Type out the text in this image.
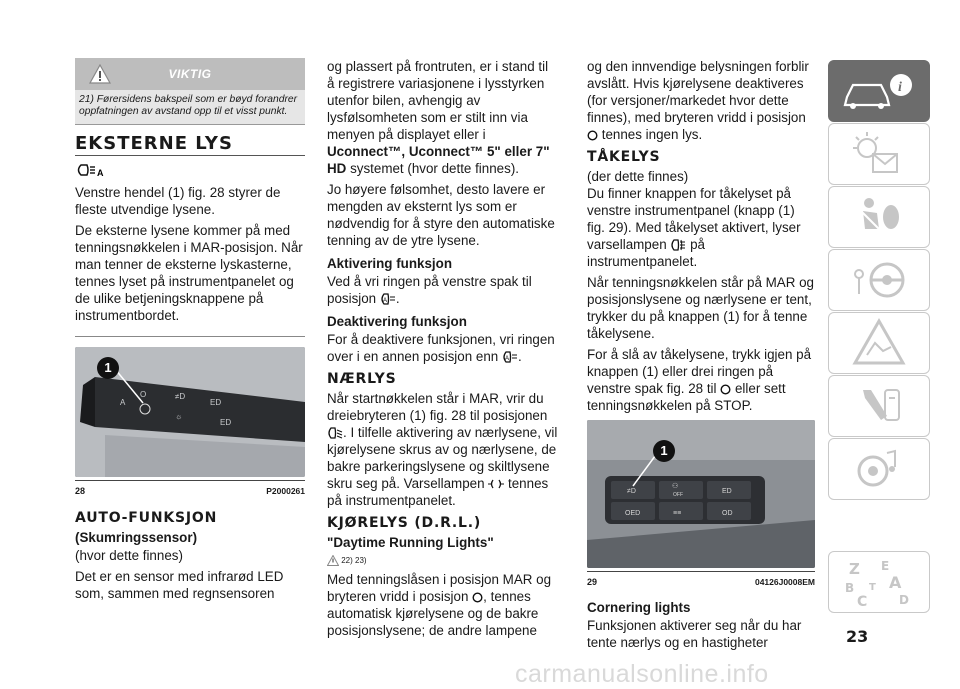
VIKTIG
21) Førersidens bakspeil som er bøyd forandrer oppfatningen av avstand opp til et visst punkt.
EKSTERNE LYS
A

Venstre hendel (1) fig. 28 styrer de fleste utvendige lysene.

De eksterne lysene kommer på med tenningsnøkkelen i MAR-posisjon. Når man tenner de eksterne lyskasterne, tennes lyset på instrumentpanelet og de ulike betjeningsknappene på instrumentbordet.

A
O	≠D
ED
☼
ED
1
28	P2000261
AUTO-FUNKSJON
(Skumringssensor)

(hvor dette finnes)

Det er en sensor med infrarød LED som, sammen med regnsensoren

og plassert på frontruten, er i stand til å registrere variasjonene i lysstyrken utenfor bilen, avhengig av lysfølsomheten som er stilt inn via menyen på displayet eller i
Uconnect™, Uconnect™ 5" eller 7" HD systemet (hvor dette finnes).

Jo høyere følsomhet, desto lavere er mengden av eksternt lys som er nødvendig for å styre den automatiske tenning av de ytre lysene.

Aktivering funksjon

Ved å vri ringen på venstre spak til posisjon A .

Deaktivering funksjon

For å deaktivere funksjonen, vri ringen over i en annen posisjon enn A .

NÆRLYS

Når startnøkkelen står i MAR, vrir du dreiebryteren (1) fig. 28 til posisjonen
. I tilfelle aktivering av nærlysene, vil kjørelysene skrus av og nærlysene, de bakre parkeringslysene og skiltlysene skru seg på. Varsellampen  tennes på instrumentpanelet.

KJØRELYS (D.R.L.)
"Daytime Running Lights"
22) 23)

Med tenningslåsen i posisjon MAR og bryteren vridd i posisjon , tennes automatisk kjørelysene og de bakre posisjonslysene; de andre lampene

og den innvendige belysningen forblir avslått. Hvis kjørelysene deaktiveres (for versjoner/markedet hvor dette finnes), med bryteren vridd i posisjon  tennes ingen lys.

TÅKELYS

(der dette finnes)

Du finner knappen for tåkelyset på venstre instrumentpanel (knapp (1) fig. 29). Med tåkelyset aktivert, lyser varsellampen  på instrumentpanelet.

Når tenningsnøkkelen står på MAR og posisjonslysene og nærlysene er tent, trykker du på knappen (1) for å tenne tåkelysene.

For å slå av tåkelysene, trykk igjen på knappen (1) eller drei ringen på venstre spak fig. 28 til  eller sett tenningsnøkkelen på STOP.

≠D
⚇
ED
OED	≡≡	OD
OFF
1
29	04126J0008EM
Cornering lights

Funksjonen aktiverer seg når du har tente nærlys og en hastigheter

i
Z E
A
B
C
T
D
23
carmanualsonline.info
